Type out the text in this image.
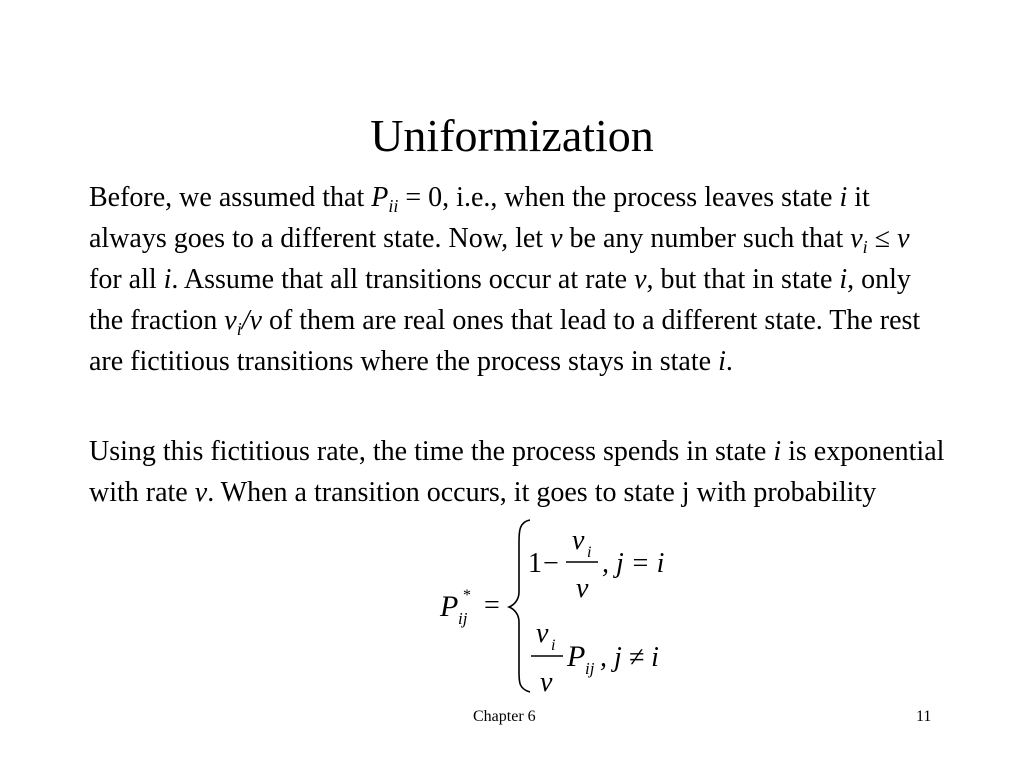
Uniformization

Before, we assumed that $P_{ii} = 0$, i.e., when the process leaves state i it always goes to a different state. Now, let v be any number such that $v_i \le v$ for all i. Assume that all transitions occur at rate v, but that in state i, only the fraction $v_i/v$ of them are real ones that lead to a different state. The rest are fictitious transitions where the process stays in state i.

Using this fictitious rate, the time the process spends in state i is exponential with rate v. When a transition occurs, it goes to state j with probability

P *
ij =
1 −
v i
v
, j = i
v i
v
P ij , j ≠ i
Chapter 6	11
